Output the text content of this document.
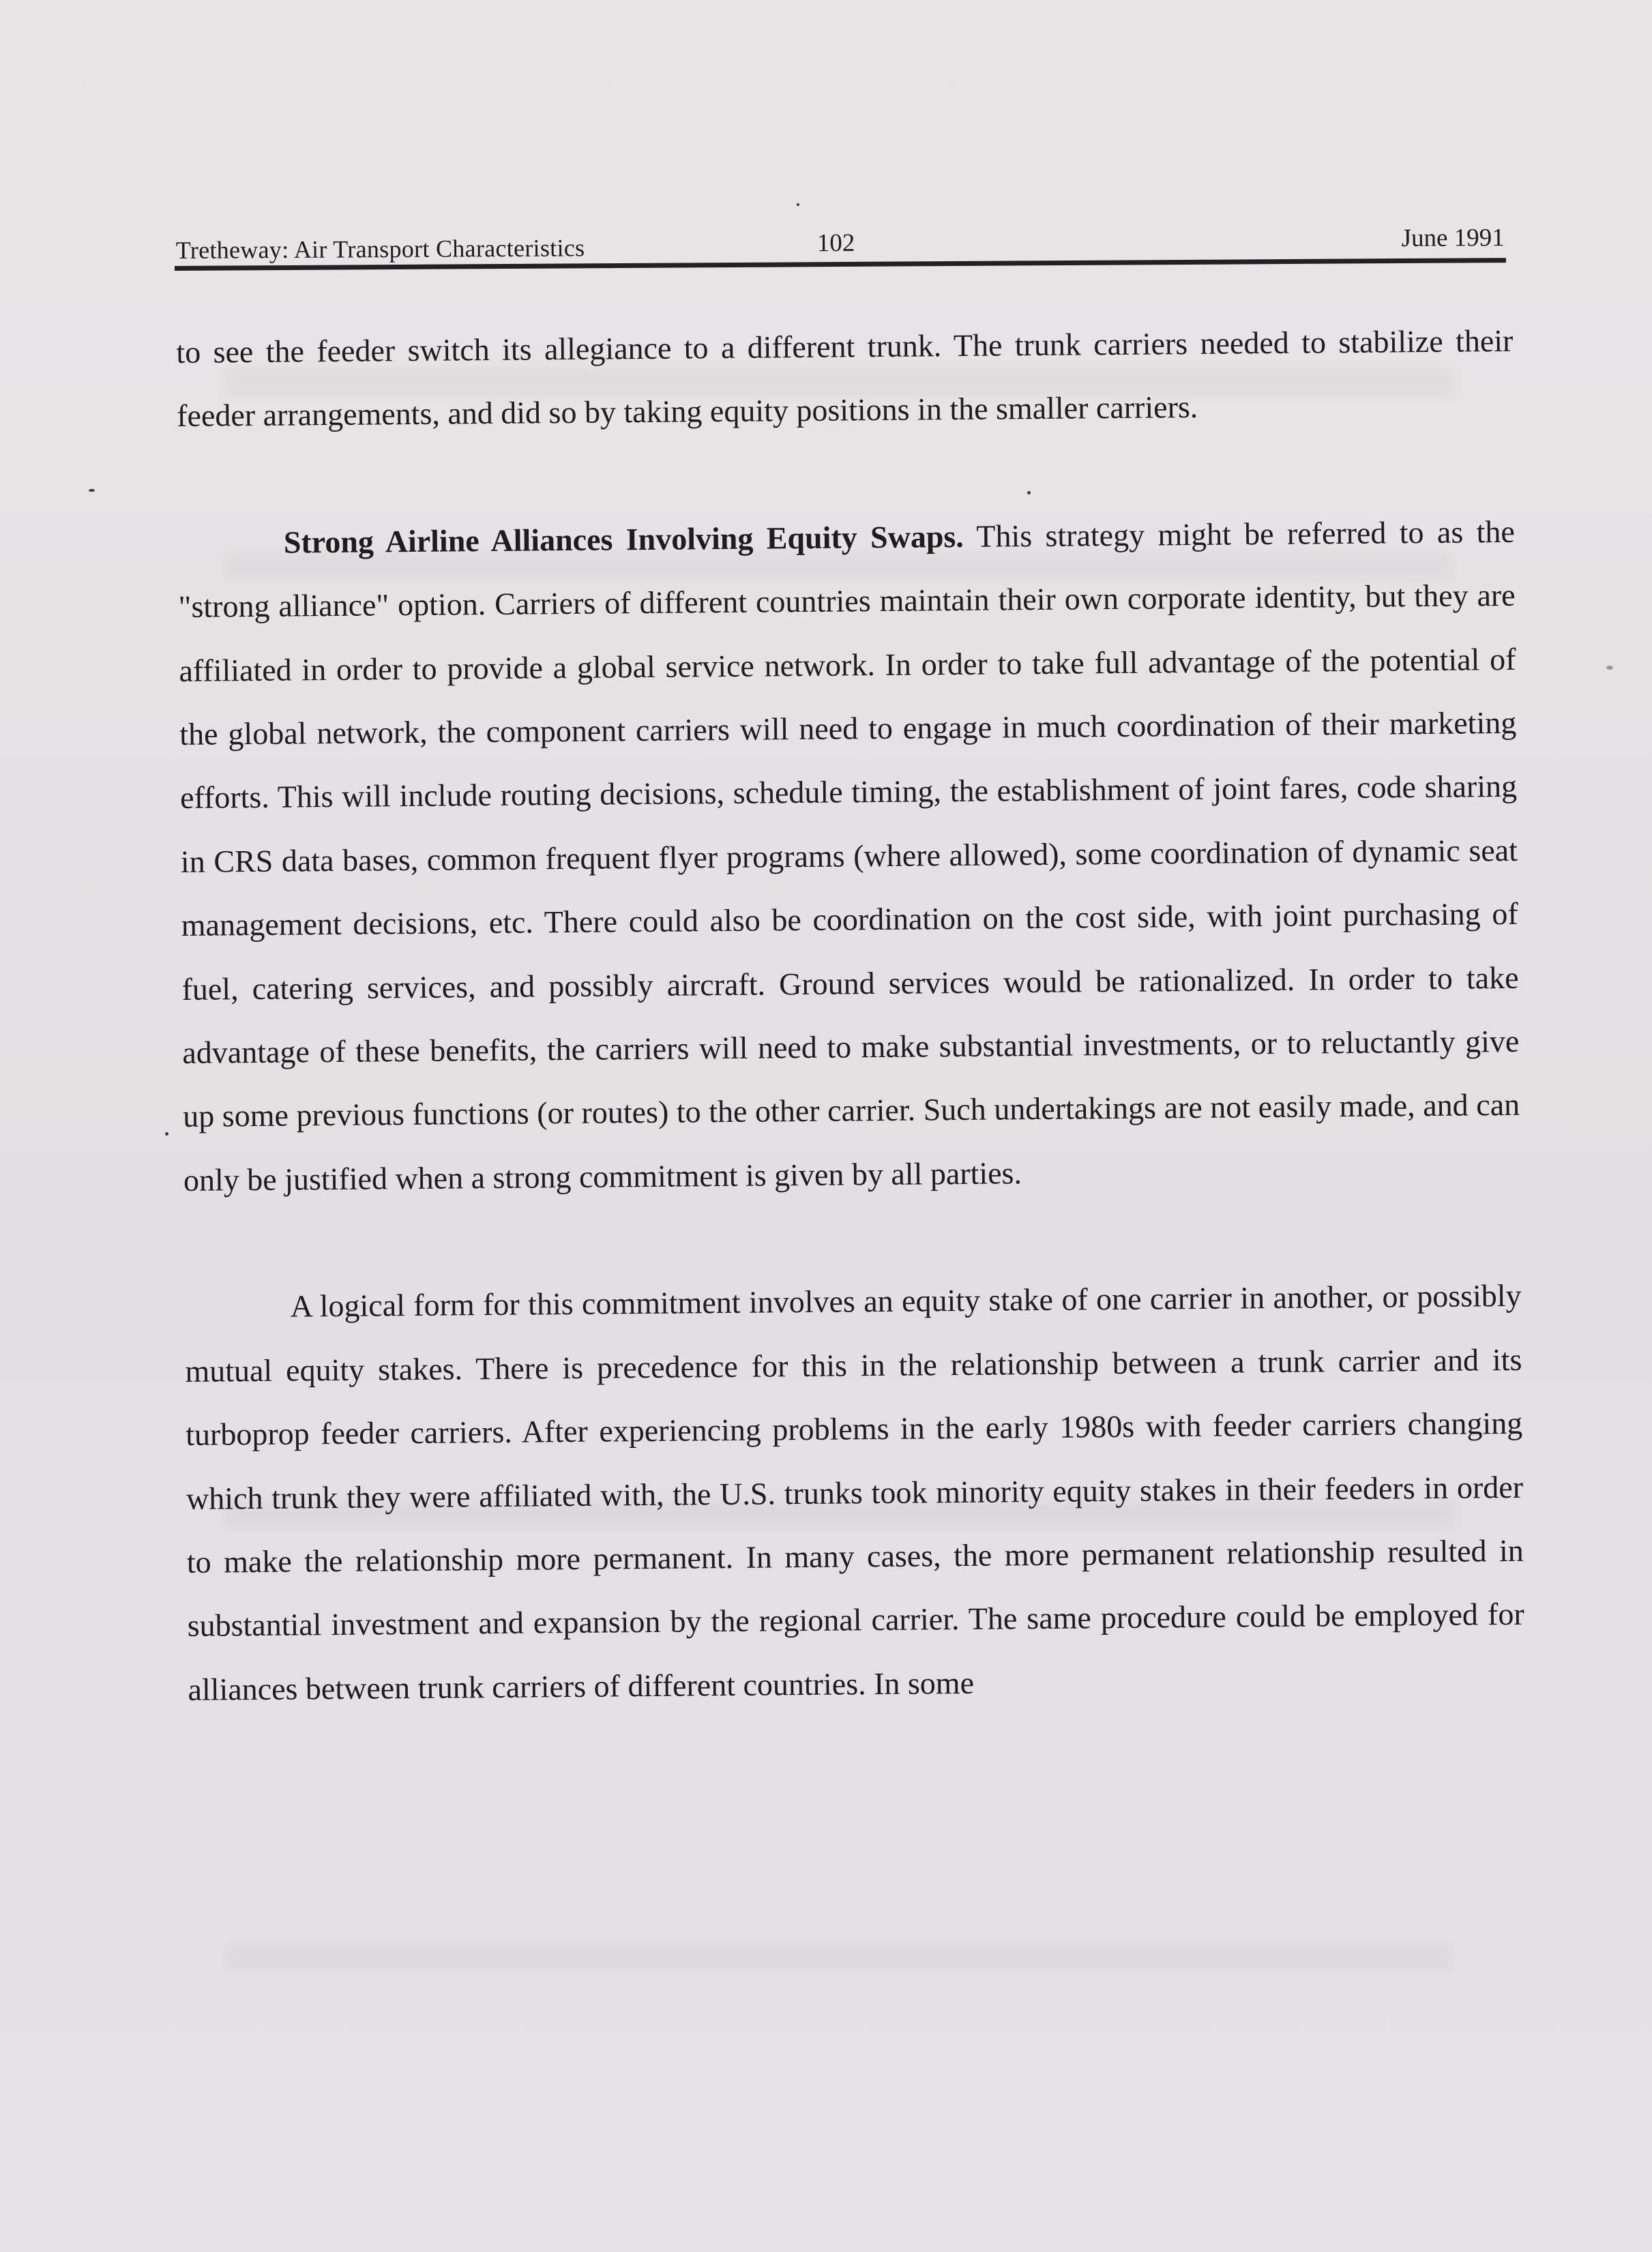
Tretheway: Air Transport Characteristics	102	June 1991

to see the feeder switch its allegiance to a different trunk. The trunk carriers needed to stabilize their feeder arrangements, and did so by taking equity positions in the smaller carriers.

Strong Airline Alliances Involving Equity Swaps. This strategy might be referred to as the "strong alliance" option. Carriers of different countries maintain their own corporate identity, but they are affiliated in order to provide a global service network. In order to take full advantage of the potential of the global network, the component carriers will need to engage in much coordination of their marketing efforts. This will include routing decisions, schedule timing, the establishment of joint fares, code sharing in CRS data bases, common frequent flyer programs (where allowed), some coordination of dynamic seat management decisions, etc. There could also be coordination on the cost side, with joint purchasing of fuel, catering services, and possibly aircraft. Ground services would be rationalized. In order to take advantage of these benefits, the carriers will need to make substantial investments, or to reluctantly give up some previous functions (or routes) to the other carrier. Such undertakings are not easily made, and can only be justified when a strong commitment is given by all parties.

A logical form for this commitment involves an equity stake of one carrier in another, or possibly mutual equity stakes. There is precedence for this in the relationship between a trunk carrier and its turboprop feeder carriers. After experiencing problems in the early 1980s with feeder carriers changing which trunk they were affiliated with, the U.S. trunks took minority equity stakes in their feeders in order to make the relationship more permanent. In many cases, the more permanent relationship resulted in substantial investment and expansion by the regional carrier. The same procedure could be employed for alliances between trunk carriers of different countries. In some
